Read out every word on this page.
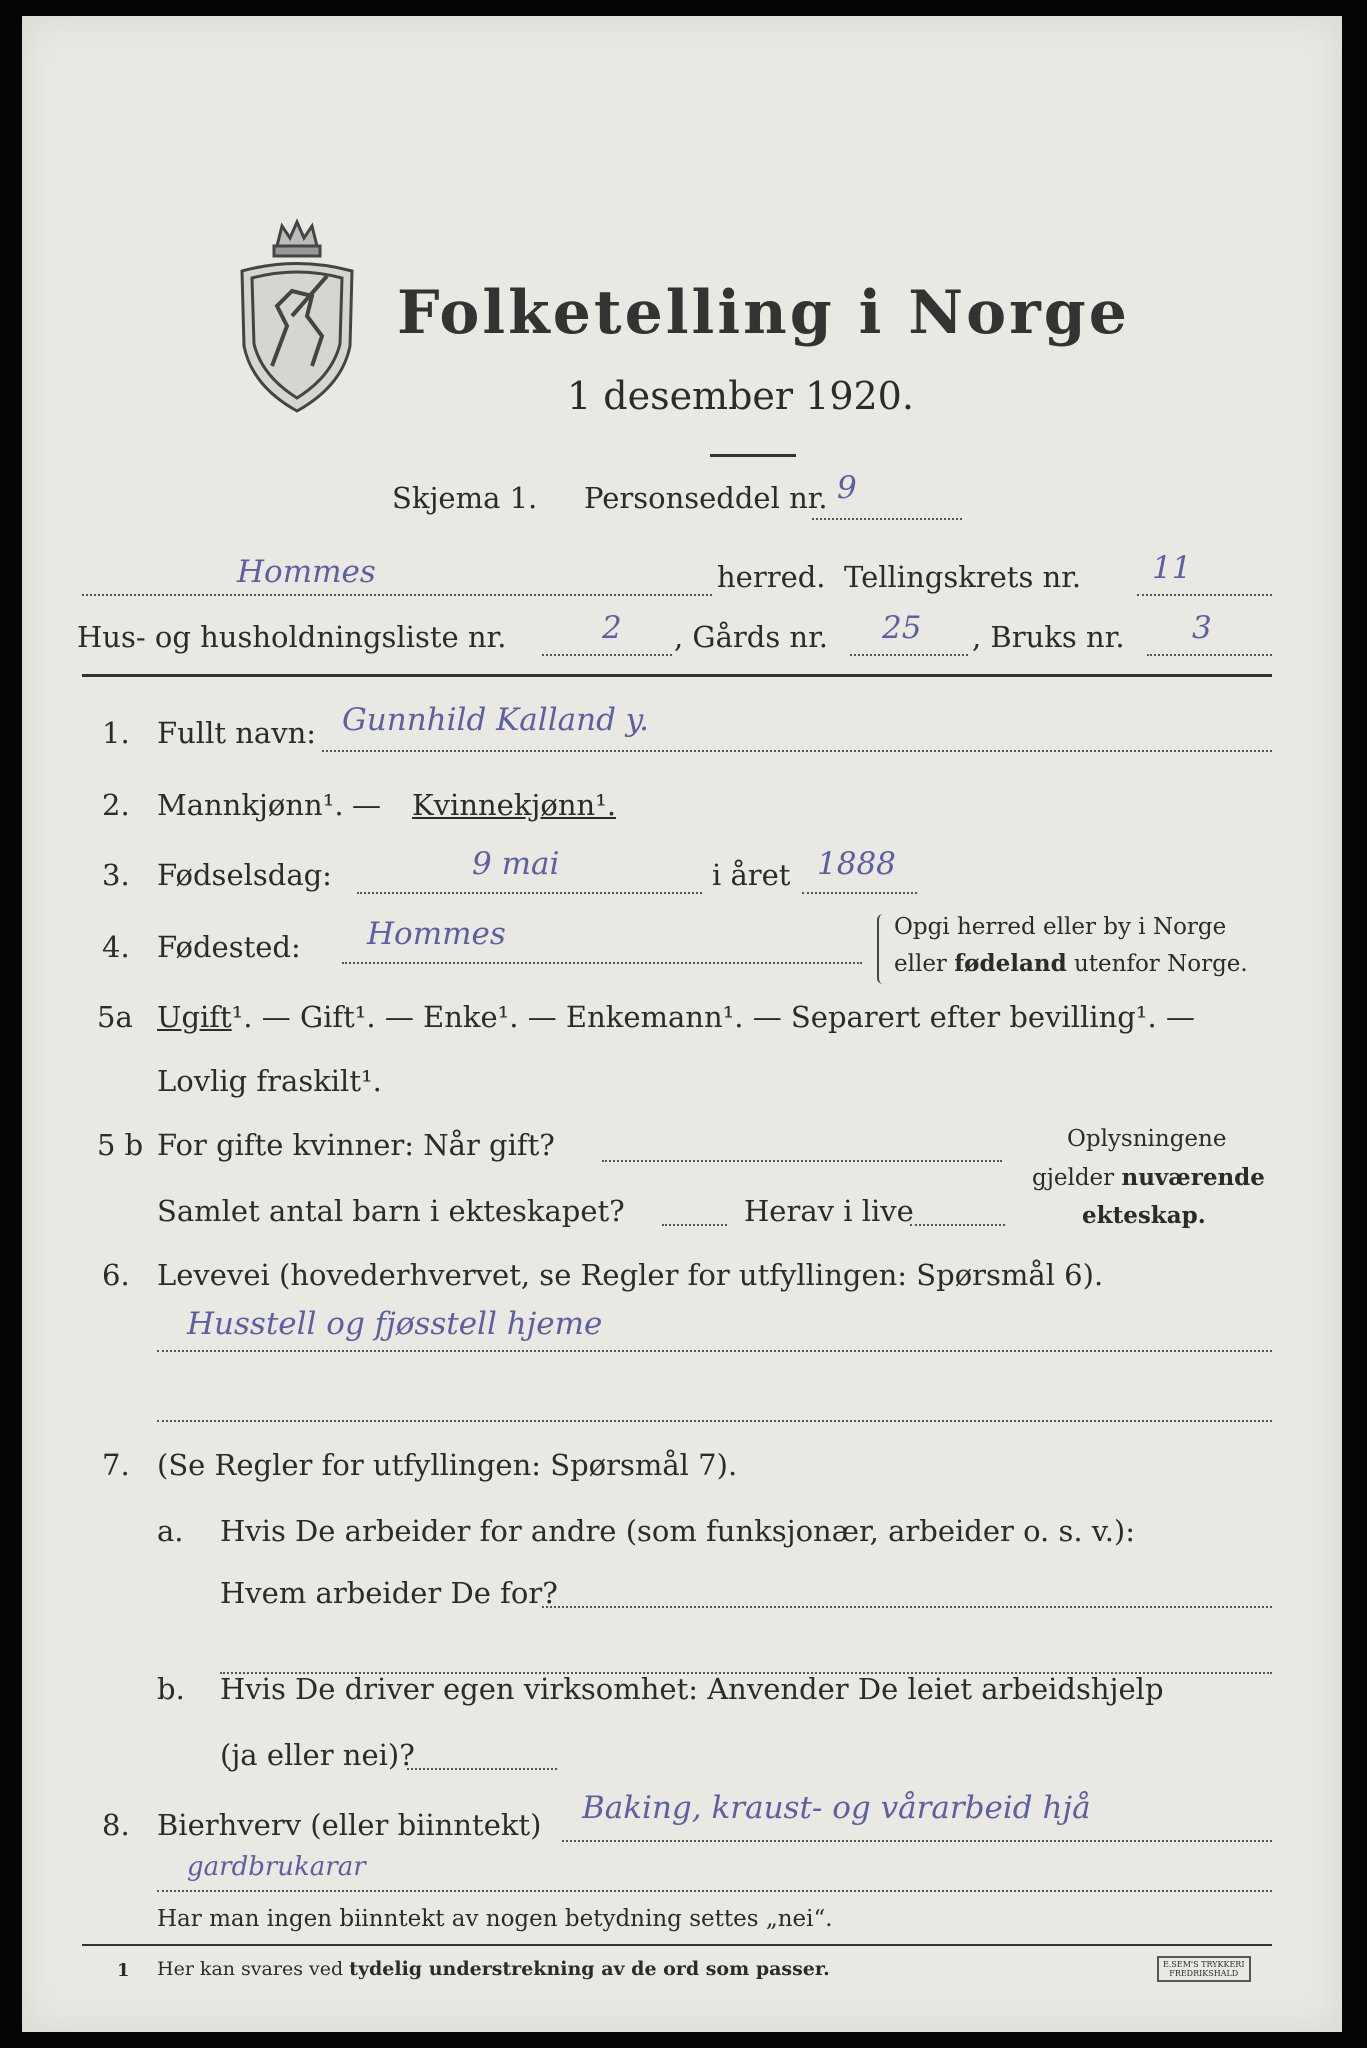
Folketelling i Norge
1 desember 1920.
Skjema 1. Personseddel nr. 9
Hommes	herred. Tellingskrets nr. 11
Hus- og husholdningsliste nr.	2 , Gårds nr. 25 , Bruks nr. 3
1. Fullt navn: Gunnhild Kalland y.
2. Mannkjønn¹. — Kvinnekjønn¹.
3. Fødselsdag:	9 mai	i året 1888
4. Fødested: Hommes	Opgi herred eller by i Norge
eller fødeland utenfor Norge.
5a Ugift¹. — Gift¹. — Enke¹. — Enkemann¹. — Separert efter bevilling¹. —
Lovlig fraskilt¹.
5 b For gifte kvinner: Når gift?
Samlet antal barn i ekteskapet?	Herav i live
Oplysningene
gjelder nuværende
ekteskap.
6. Levevei (hovederhvervet, se Regler for utfyllingen: Spørsmål 6).
Husstell og fjøsstell hjeme
7. (Se Regler for utfyllingen: Spørsmål 7).
a. Hvis De arbeider for andre (som funksjonær, arbeider o. s. v.):
Hvem arbeider De for?
b. Hvis De driver egen virksomhet: Anvender De leiet arbeidshjelp
(ja eller nei)?
8. Bierhverv (eller biinntekt) Baking, kraust- og vårarbeid hjå
gardbrukarar
Har man ingen biinntekt av nogen betydning settes „nei“.
1 Her kan svares ved tydelig understrekning av de ord som passer.	E.SEM'S TRYKKERI
FREDRIKSHALD
